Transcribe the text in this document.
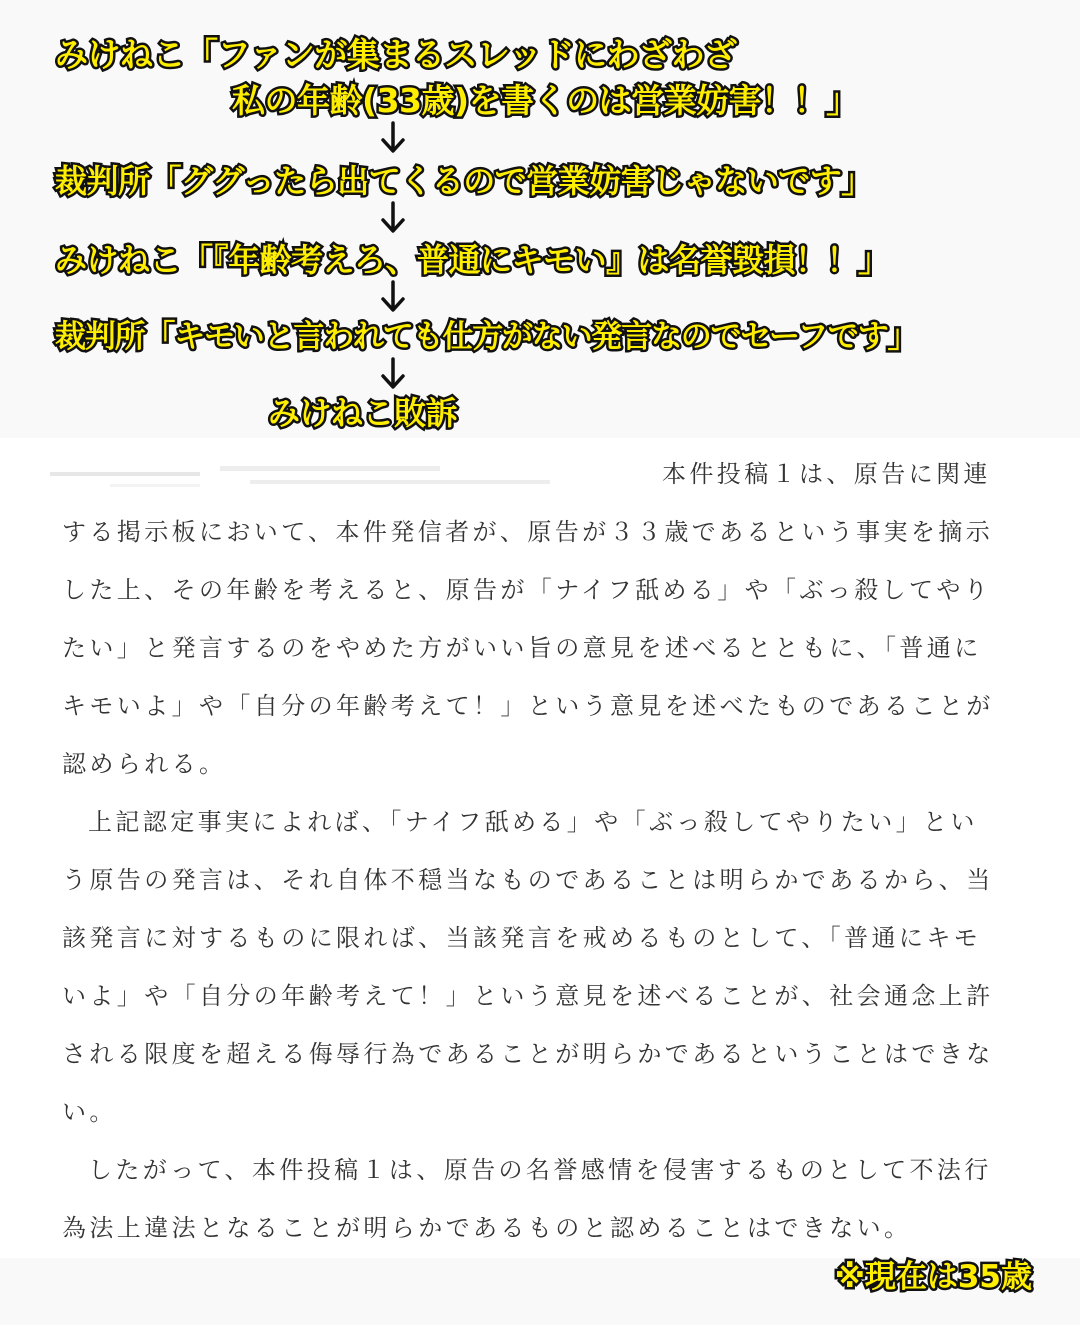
みけねこ「ファンが集まるスレッドにわざわざ

私の年齢(33歳)を書くのは営業妨害！！」

裁判所「ググったら出てくるので営業妨害じゃないです」

みけねこ「『年齢考えろ、普通にキモい』は名誉毀損！！」

裁判所「キモいと言われても仕方がない発言なのでセーフです」

みけねこ敗訴

本件投稿１は、原告に関連

する掲示板において、本件発信者が、原告が３３歳であるという事実を摘示

した上、その年齢を考えると、原告が「ナイフ舐める」や「ぶっ殺してやり

たい」と発言するのをやめた方がいい旨の意見を述べるとともに、「普通に

キモいよ」や「自分の年齢考えて！」という意見を述べたものであることが

認められる。

上記認定事実によれば、「ナイフ舐める」や「ぶっ殺してやりたい」とい

う原告の発言は、それ自体不穏当なものであることは明らかであるから、当

該発言に対するものに限れば、当該発言を戒めるものとして、「普通にキモ

いよ」や「自分の年齢考えて！」という意見を述べることが、社会通念上許

される限度を超える侮辱行為であることが明らかであるということはできな

い。

したがって、本件投稿１は、原告の名誉感情を侵害するものとして不法行

為法上違法となることが明らかであるものと認めることはできない。

※現在は35歳
